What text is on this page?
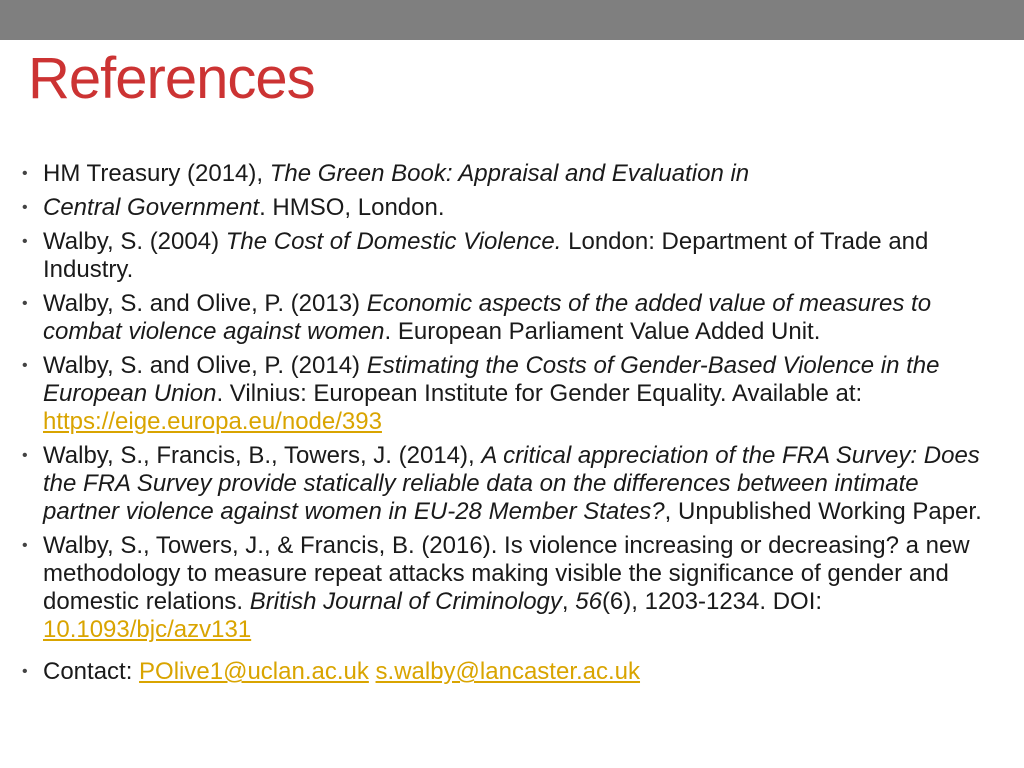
References
• HM Treasury (2014), The Green Book: Appraisal and Evaluation in
• Central Government. HMSO, London.
• Walby, S. (2004) The Cost of Domestic Violence. London: Department of Trade and Industry.
• Walby, S. and Olive, P. (2013) Economic aspects of the added value of measures to combat violence against women. European Parliament Value Added Unit.
• Walby, S. and Olive, P. (2014) Estimating the Costs of Gender-Based Violence in the European Union. Vilnius: European Institute for Gender Equality. Available at: https://eige.europa.eu/node/393
• Walby, S., Francis, B., Towers, J. (2014), A critical appreciation of the FRA Survey: Does the FRA Survey provide statically reliable data on the differences between intimate partner violence against women in EU-28 Member States?, Unpublished Working Paper.
• Walby, S., Towers, J., & Francis, B. (2016). Is violence increasing or decreasing? a new methodology to measure repeat attacks making visible the significance of gender and domestic relations. British Journal of Criminology, 56(6), 1203-1234. DOI: 10.1093/bjc/azv131
• Contact: POlive1@uclan.ac.uk s.walby@lancaster.ac.uk
